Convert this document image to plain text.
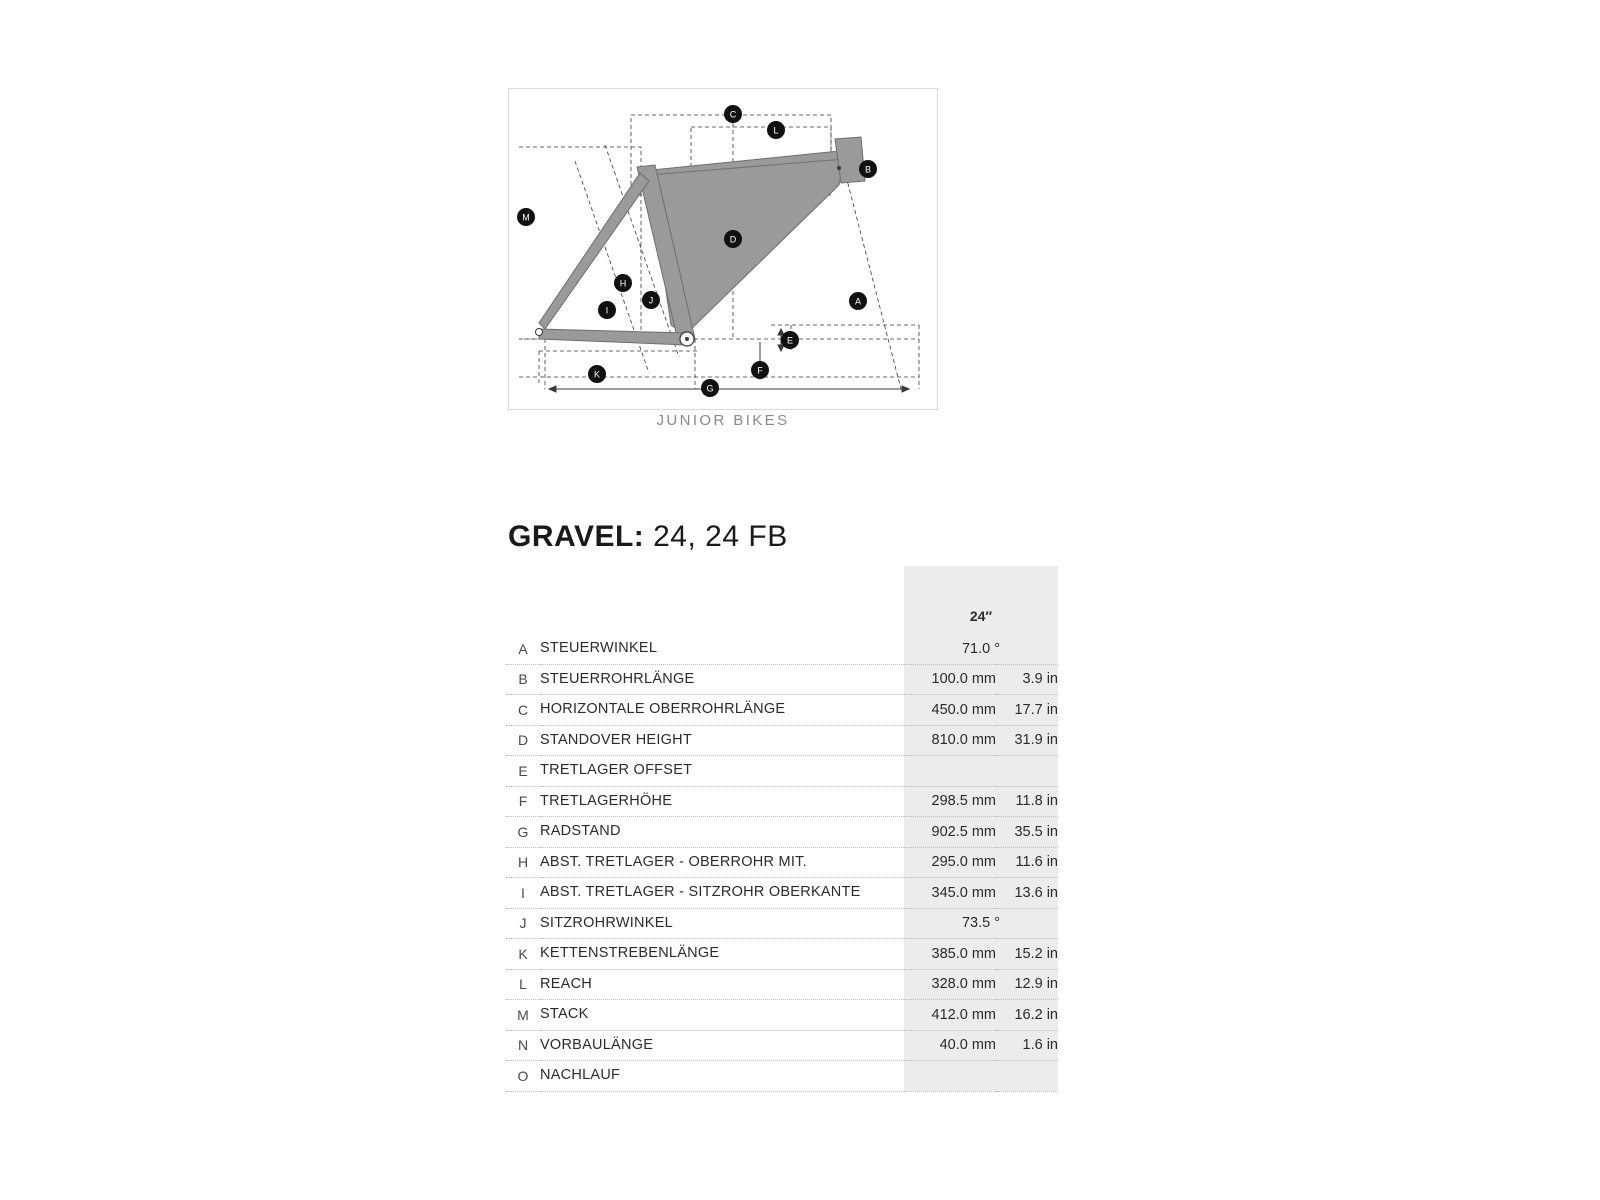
C
L
B
M
D
A
H
I
J
E
K	F
G
JUNIOR BIKES
GRAVEL: 24, 24 FB
		24″	
A	STEUERWINKEL	71.0 °	
B	STEUERROHRLÄNGE	100.0 mm	3.9 in
C	HORIZONTALE OBERROHRLÄNGE	450.0 mm	17.7 in
D	STANDOVER HEIGHT	810.0 mm	31.9 in
E	TRETLAGER OFFSET		
F	TRETLAGERHÖHE	298.5 mm	11.8 in
G	RADSTAND	902.5 mm	35.5 in
H	ABST. TRETLAGER - OBERROHR MIT.	295.0 mm	11.6 in
I	ABST. TRETLAGER - SITZROHR OBERKANTE	345.0 mm	13.6 in
J	SITZROHRWINKEL	73.5 °	
K	KETTENSTREBENLÄNGE	385.0 mm	15.2 in
L	REACH	328.0 mm	12.9 in
M	STACK	412.0 mm	16.2 in
N	VORBAULÄNGE	40.0 mm	1.6 in
O	NACHLAUF		
